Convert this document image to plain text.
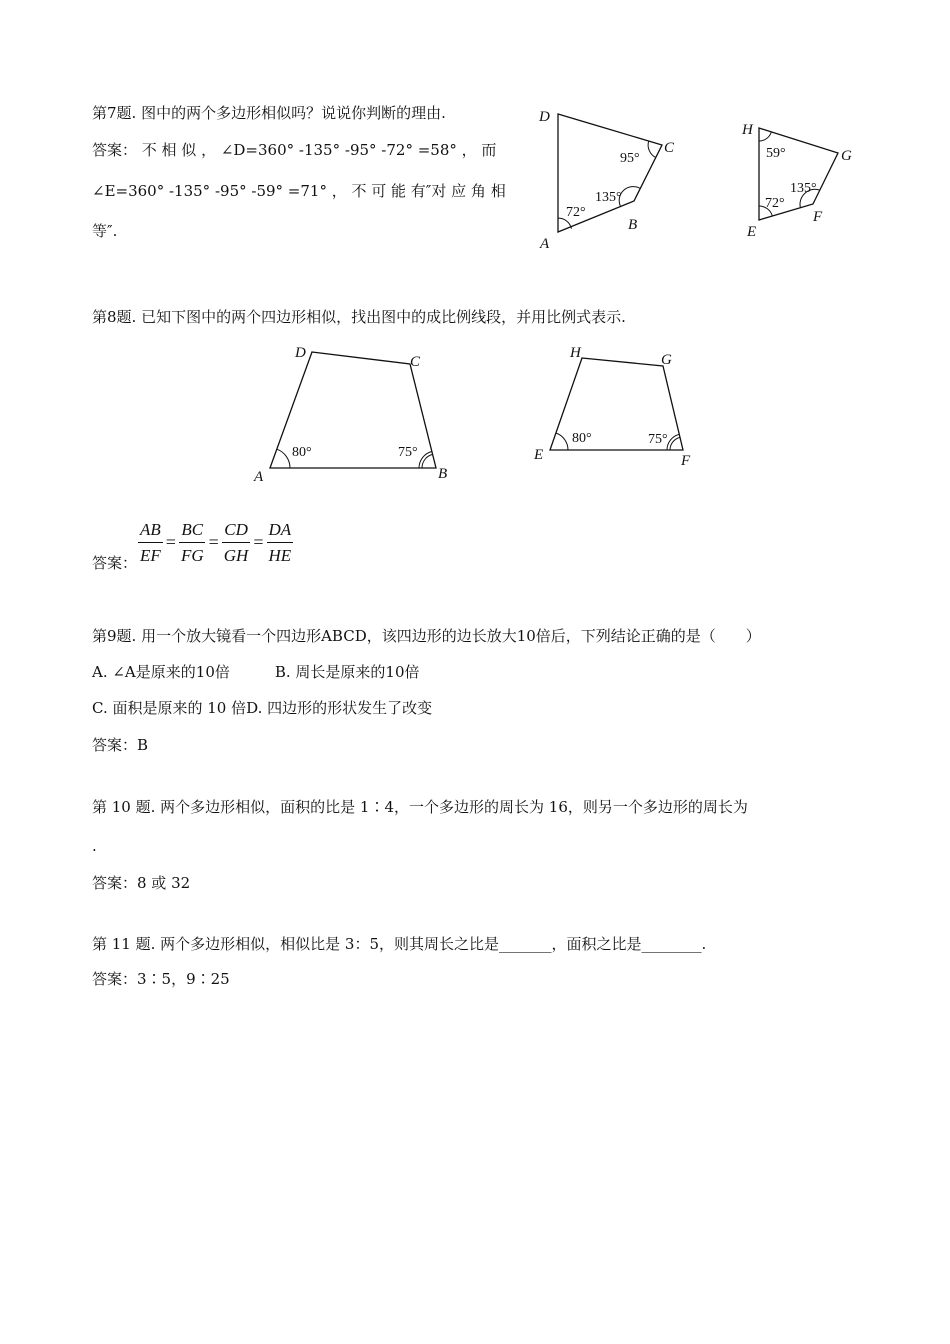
第7题. 图中的两个多边形相似吗？说说你判断的理由.
答案： 不 相 似 ， ∠D=360° -135° -95° -72° =58° ， 而
∠E=360° -135° -95° -59° =71° ， 不 可 能 有″对 应 角 相
等″.
D
C
B
A
95°
135°
72°
H
G
F
E
59°
135°
72°
第8题. 已知下图中的两个四边形相似，找出图中的成比例线段，并用比例式表示.
D
C
A	B
80°	75°
H	G
E	F
80°	75°
答案： $\frac{AB}{EF} = \frac{BC}{FG} = \frac{CD}{GH} = \frac{DA}{HE}$
第9题. 用一个放大镜看一个四边形ABCD，该四边形的边长放大10倍后，下列结论正确的是（　　）
A. ∠A是原来的10倍　　　B. 周长是原来的10倍
C. 面积是原来的 10 倍D. 四边形的形状发生了改变
答案：B
第 10 题. 两个多边形相似，面积的比是 1∶4，一个多边形的周长为 16，则另一个多边形的周长为
.
答案：8 或 32
第 11 题. 两个多边形相似，相似比是 3：5，则其周长之比是_______，面积之比是________.
答案：3∶5，9∶25
